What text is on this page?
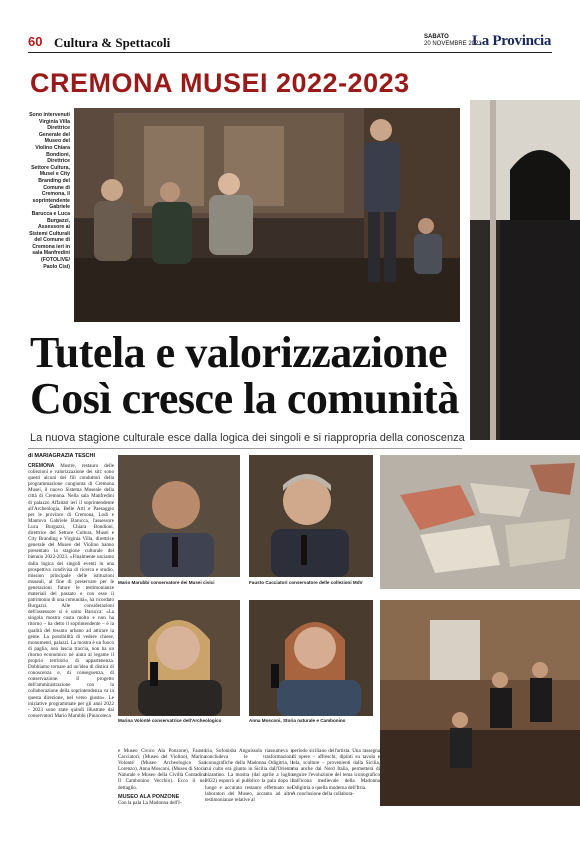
60 Cultura & Spettacoli	SABATO
20 NOVEMBRE 2021
La Provincia
CREMONA MUSEI 2022-2023
Sono intervenuti Virginia Villa Direttrice Generale del Museo del Violino Chiara Bondioni, Direttrice Settore Cultura, Musei e City Branding del Comune di Cremona, il soprintendente Gabriele Barucca e Luca Burgazzi, Assessore ai Sistemi Culturali del Comune di Cremona ieri in sala Manfredini (FOTOLIVE/ Paolo Cisi)
Tutela e valorizzazione
Così cresce la comunità
La nuova stagione culturale esce dalla logica dei singoli e si riappropria della conoscenza
di MARIAGRAZIA TESCHI
CREMONA Mostre, restauro delle collezioni e valorizzazione dei siti: sono questi alcuni dei fili conduttori della programmazione congiunta di Cremona Musei, il nuovo Sistema Museale della città di Cremona. Nella sala Manfredini di palazzo Affaitati ieri il soprintendente all'Archeologia, Belle Arti e Paesaggio per le province di Cremona, Lodi e Mantova Gabriele Barucca, l'assessore Luca Burgazzi, Chiara Bondioni, direttrice del Settore Cultura, Musei e City Branding e Virginia Villa, direttrice generale del Museo del Violino hanno presentato la stagione culturale del biennio 2022-2023. «Finalmente usciamo dalla logica dei singoli eventi in una prospettiva condivisa di ricerca e studio, mission principale delle istituzioni museali, al fine di preservare per le generazioni future le testimonianze materiali del passato e con esse il patrimonio di una comunità», ha ricordato Burgazzi. Alle considerazioni dell'assessore si è unito Barucca: «La singola mostra costa molto e non ha ritorno – ha detto il soprintendente – è la qualità del tessuto urbano ad attirare la gente. La possibilità di vedere chiese, monumenti, palazzi. La mostra è un fuoco di paglia, non lascia traccia, non ha un ritorno economico né aiuta al legame il proprio territorio di appartenenza. Dobbiamo tornare ad un'idea di distica di conoscenza e, di conseguenza, di conservazione. Il progetto dell'amministrazione con la collaborazione della soprintendenza va in questa direzione, nel verso giusto». Le iniziative programmate per gli anni 2022 - 2023 sono state quindi illustrate dai conservatori Mario Marubbi (Pinacoteca
Mario Marubbi conservatore dei Musei civici	Fausto Cacciatori conservatore delle collezioni MdV
Marina Volonté conservatrice dell'Archeologico	Anna Mosconi, Storia naturale e Cambonino
e Museo Civico Ala Ponzone), Fausto Cacciatori, (Museo del Violino), Marina Volonté (Museo Archeologico San Lorenzo), Anna Mosconi, (Museo di Storia Naturale e Museo della Civiltà Contadina Il Cambonino Vecchio). Ecco il nel dettaglio.
MUSEO ALA PONZONE
Con la pala La Madonna dell'I-
iria, Sofonisba Anguissola riassumeva e concludeva le trasformazioni iconografiche della Madonna Odigitria, il cui culto era giunto in Sicilia dall'Oriente bizantino. La mostra (dal aprile a luglio 2022) esporrà al pubblico la pala dopo il lungo e accurato restauro effettuato nei laboratori del Museo, accanto ad altre testimonianze relative al
periodo siciliano dell'artista. Una rassegna di opere – affreschi, dipinti su tavola e tela, sculture – provenienti dalla Sicilia, ma anche dal Nord Italia, permetterà di seguire l'evoluzione del tema iconografico dall'icona medievale della Madonna Odigitria a quella moderna dell'Itria.
A conclusione della collabora-
